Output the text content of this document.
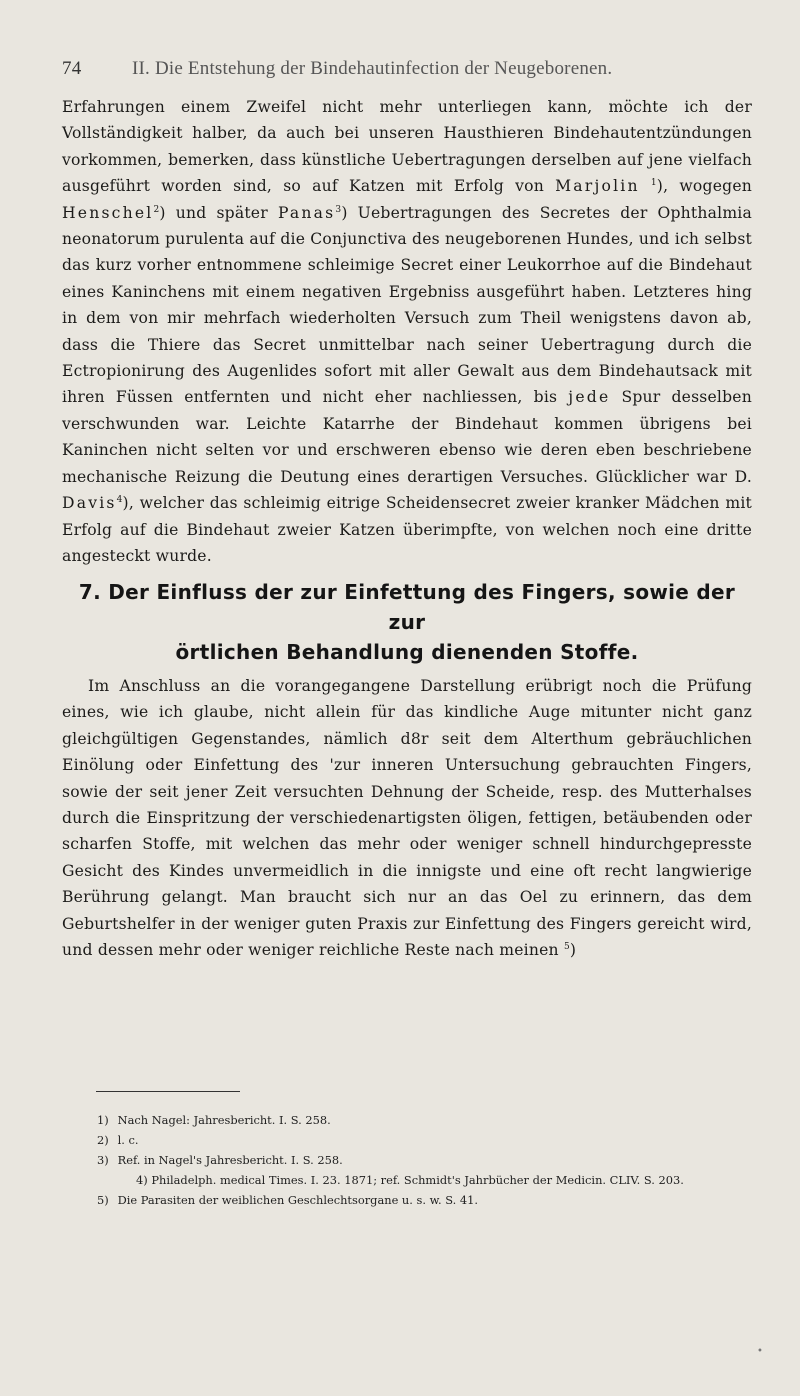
74	II. Die Entstehung der Bindehautinfection der Neugeborenen.
Erfahrungen einem Zweifel nicht mehr unterliegen kann, möchte ich der Vollständigkeit halber, da auch bei unseren Hausthieren Bindehautentzündungen vorkommen, bemerken, dass künstliche Uebertragungen derselben auf jene vielfach ausgeführt worden sind, so auf Katzen mit Erfolg von Marjolin $^1$), wogegen Henschel$^2$) und später Panas$^3$) Uebertragungen des Secretes der Ophthalmia neonatorum purulenta auf die Conjunctiva des neugeborenen Hundes, und ich selbst das kurz vorher entnommene schleimige Secret einer Leukorrhoe auf die Bindehaut eines Kaninchens mit einem negativen Ergebniss ausgeführt haben. Letzteres hing in dem von mir mehrfach wiederholten Versuch zum Theil wenigstens davon ab, dass die Thiere das Secret unmittelbar nach seiner Uebertragung durch die Ectropionirung des Augenlides sofort mit aller Gewalt aus dem Bindehautsack mit ihren Füssen entfernten und nicht eher nachliessen, bis jede Spur desselben verschwunden war. Leichte Katarrhe der Bindehaut kommen übrigens bei Kaninchen nicht selten vor und erschweren ebenso wie deren eben beschriebene mechanische Reizung die Deutung eines derartigen Versuches. Glücklicher war D. Davis$^4$), welcher das schleimig eitrige Scheidensecret zweier kranker Mädchen mit Erfolg auf die Bindehaut zweier Katzen überimpfte, von welchen noch eine dritte angesteckt wurde.
7. Der Einfluss der zur Einfettung des Fingers, sowie der zur
örtlichen Behandlung dienenden Stoffe.
Im Anschluss an die vorangegangene Darstellung erübrigt noch die Prüfung eines, wie ich glaube, nicht allein für das kindliche Auge mitunter nicht ganz gleichgültigen Gegenstandes, nämlich d8r seit dem Alterthum gebräuchlichen Einölung oder Einfettung des 'zur inneren Untersuchung gebrauchten Fingers, sowie der seit jener Zeit versuchten Dehnung der Scheide, resp. des Mutterhalses durch die Einspritzung der verschiedenartigsten öligen, fettigen, betäubenden oder scharfen Stoffe, mit welchen das mehr oder weniger schnell hindurchgepresste Gesicht des Kindes unvermeidlich in die innigste und eine oft recht langwierige Berührung gelangt. Man braucht sich nur an das Oel zu erinnern, das dem Geburtshelfer in der weniger guten Praxis zur Einfettung des Fingers gereicht wird, und dessen mehr oder weniger reichliche Reste nach meinen $^5$)
1) Nach Nagel: Jahresbericht. I. S. 258.
2) l. c.
3) Ref. in Nagel's Jahresbericht. I. S. 258.
4) Philadelph. medical Times. I. 23. 1871; ref. Schmidt's Jahrbücher der Medicin. CLIV. S. 203.
5) Die Parasiten der weiblichen Geschlechtsorgane u. s. w. S. 41.
•
